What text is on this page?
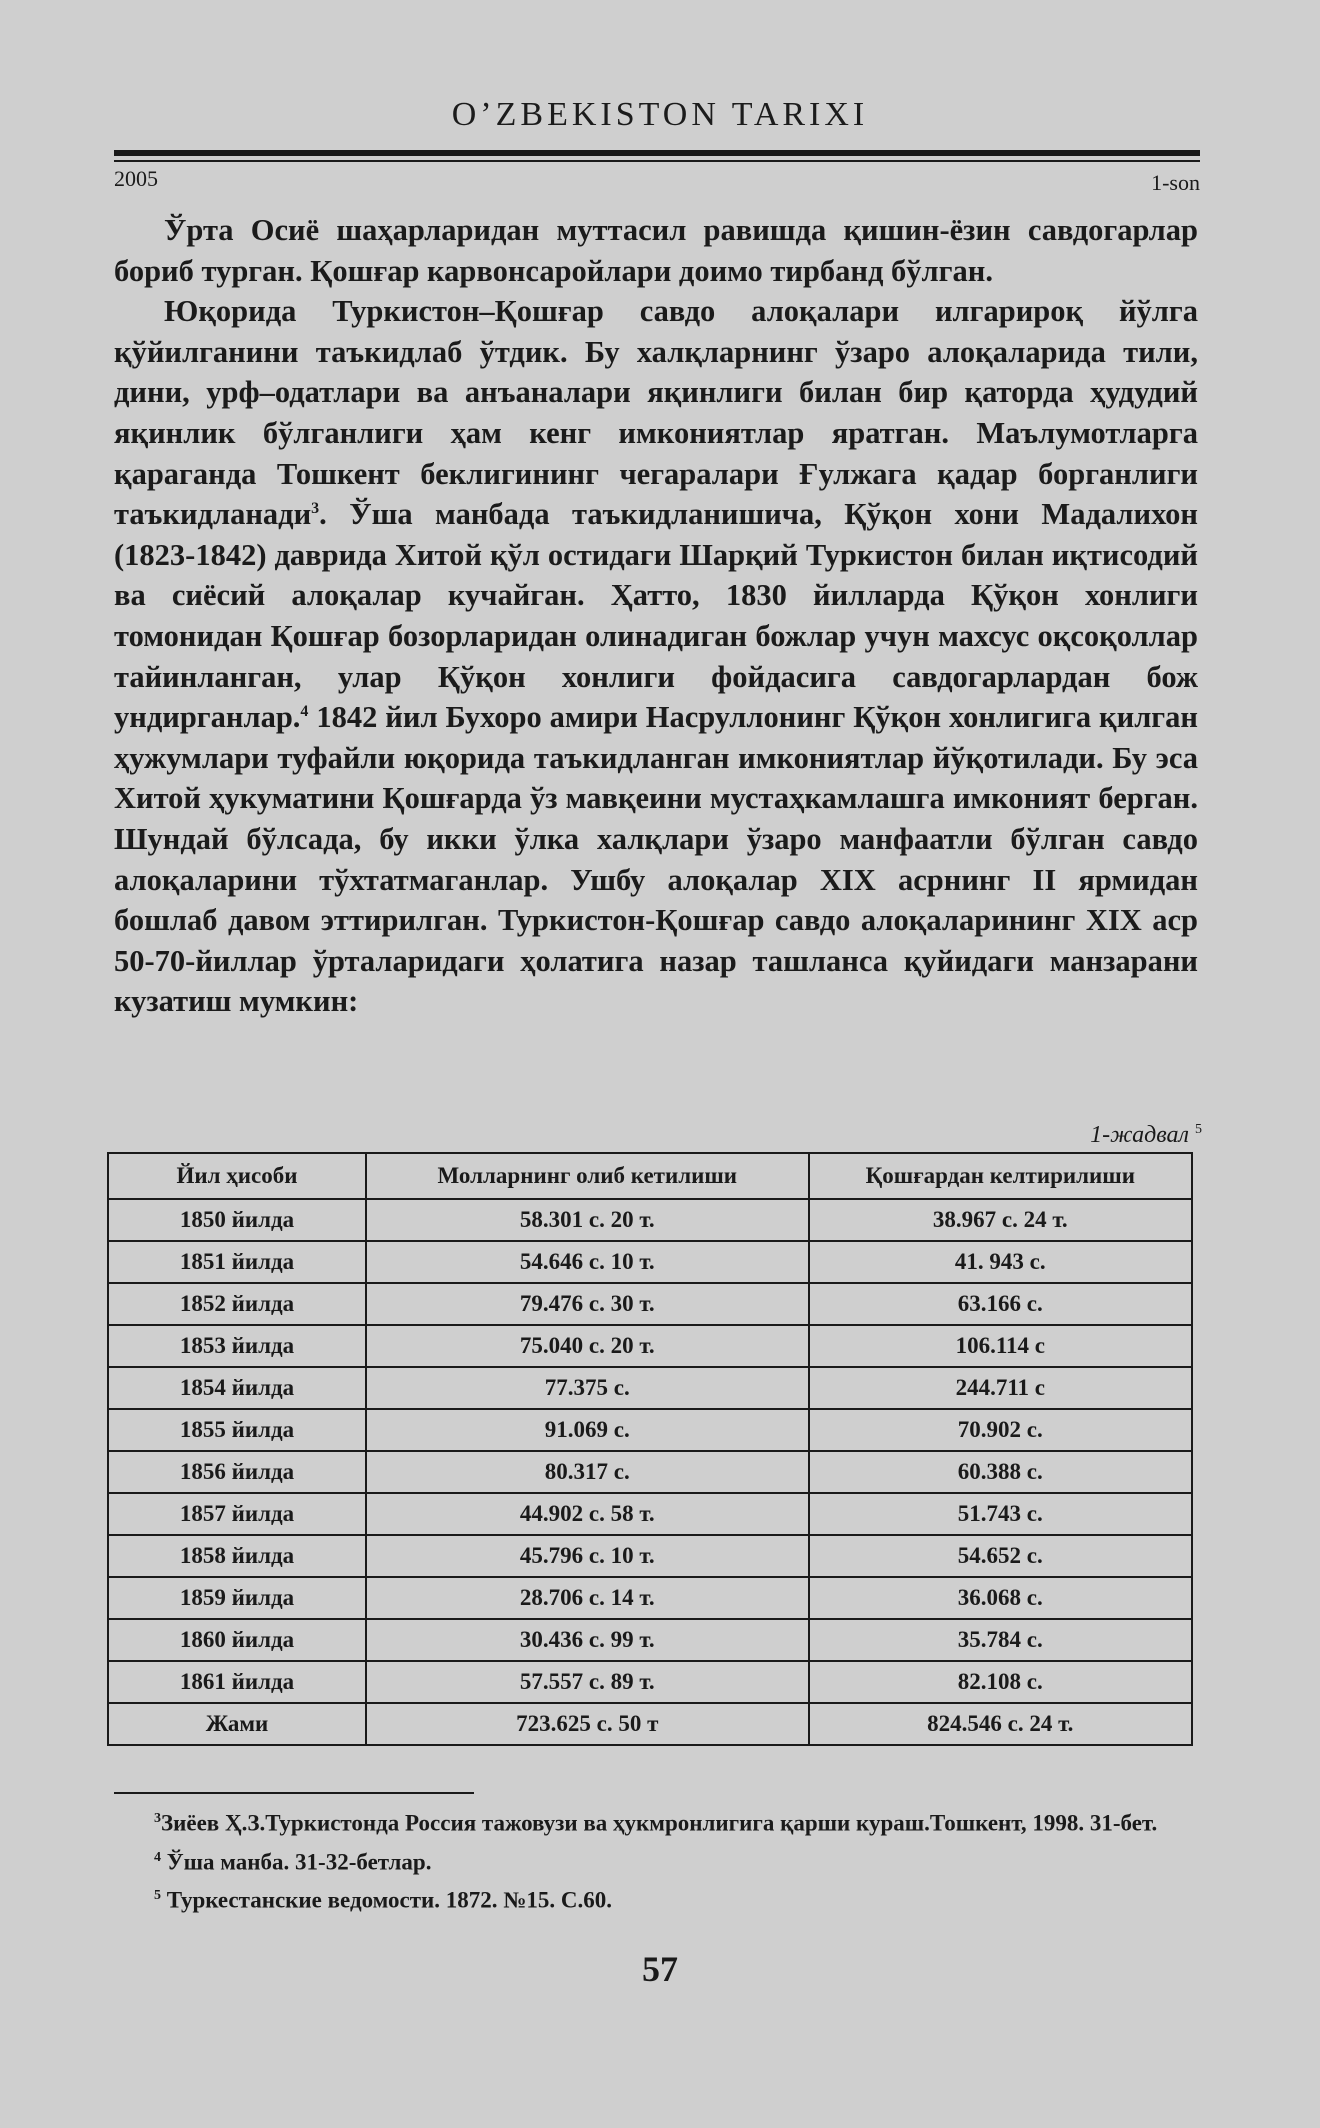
O’ZBEKISTON TARIXI
2005	1-son

Ўрта Осиё шаҳарларидан муттасил равишда қишин-ёзин савдогарлар бориб турган. Қошғар карвонсаройлари доимо тирбанд бўлган.

Юқорида Туркистон–Қошғар савдо алоқалари илгарироқ йўлга қўйилганини таъкидлаб ўтдик. Бу халқларнинг ўзаро алоқаларида тили, дини, урф–одатлари ва анъаналари яқинлиги билан бир қаторда ҳудудий яқинлик бўлганлиги ҳам кенг имкониятлар яратган. Маълумотларга қараганда Тошкент беклигининг чегаралари Ғулжага қадар борганлиги таъкидланади$^3$. Ўша манбада таъкидланишича, Қўқон хони Мадалихон (1823-1842) даврида Хитой қўл остидаги Шарқий Туркистон билан иқтисодий ва сиёсий алоқалар кучайган. Ҳатто, 1830 йилларда Қўқон хонлиги томонидан Қошғар бозорларидан олинадиган божлар учун махсус оқсоқоллар тайинланган, улар Қўқон хонлиги фойдасига савдогарлардан бож ундирганлар.$^4$ 1842 йил Бухоро амири Насруллонинг Қўқон хонлигига қилган ҳужумлари туфайли юқорида таъкидланган имкониятлар йўқотилади. Бу эса Хитой ҳукуматини Қошғарда ўз мавқеини мустаҳкамлашга имконият берган. Шундай бўлсада, бу икки ўлка халқлари ўзаро манфаатли бўлган савдо алоқаларини тўхтатмаганлар. Ушбу алоқалар XIX асрнинг II ярмидан бошлаб давом эттирилган. Туркистон-Қошғар савдо алоқаларининг XIX аср 50-70-йиллар ўрталаридаги ҳолатига назар ташланса қуйидаги манзарани кузатиш мумкин:

1-жадвал $^5$
Йил ҳисоби	Молларнинг олиб кетилиши	Қошғардан келтирилиши
1850 йилда	58.301 с. 20 т.	38.967 с. 24 т.
1851 йилда	54.646 с. 10 т.	41. 943 с.
1852 йилда	79.476 с. 30 т.	63.166 с.
1853 йилда	75.040 с. 20 т.	106.114 с
1854 йилда	77.375 с.	244.711 с
1855 йилда	91.069 с.	70.902 с.
1856 йилда	80.317 с.	60.388 с.
1857 йилда	44.902 с. 58 т.	51.743 с.
1858 йилда	45.796 с. 10 т.	54.652 с.
1859 йилда	28.706 с. 14 т.	36.068 с.
1860 йилда	30.436 с. 99 т.	35.784 с.
1861 йилда	57.557 с. 89 т.	82.108 с.
Жами	723.625 с. 50 т	824.546 с. 24 т.

$^3$Зиёев Ҳ.З.Туркистонда Россия тажовузи ва ҳукмронлигига қарши кураш.Тошкент, 1998. 31-бет.

$^4$ Ўша манба. 31-32-бетлар.

$^5$ Туркестанские ведомости. 1872. №15. С.60.

57
